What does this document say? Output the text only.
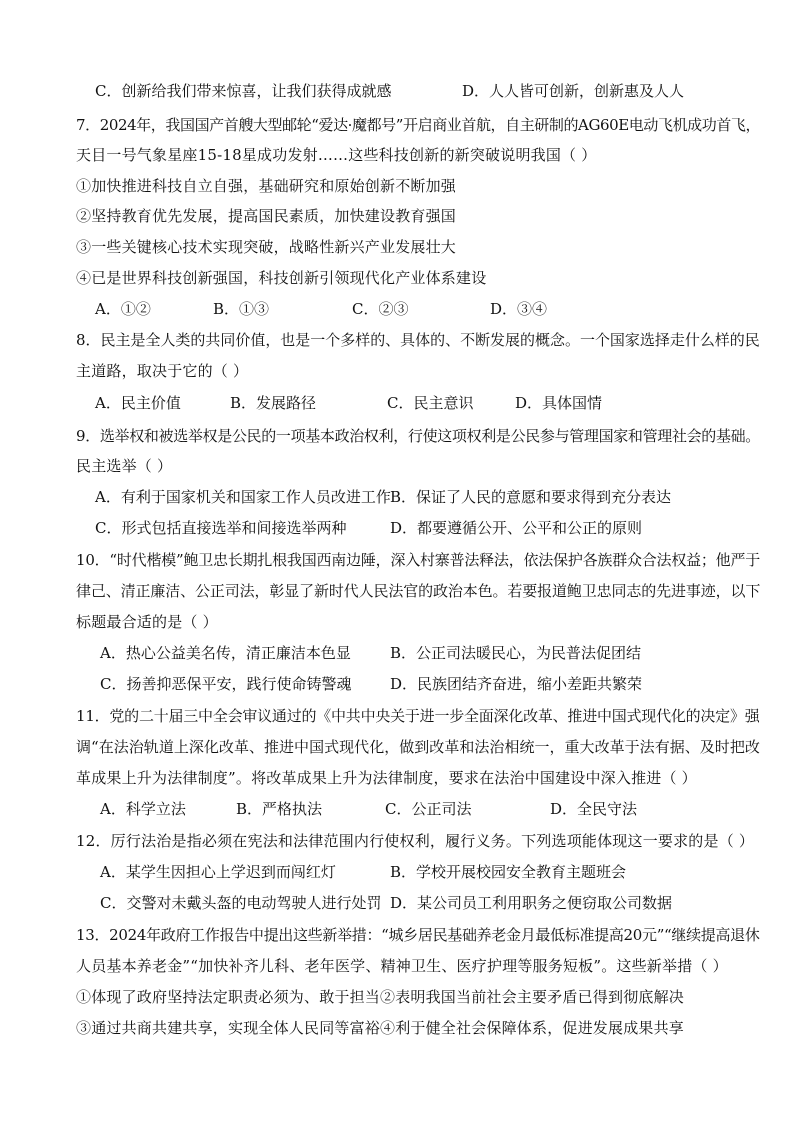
C．创新给我们带来惊喜，让我们获得成就感	D．人人皆可创新，创新惠及人人
7．2024年，我国国产首艘大型邮轮“爱达·魔都号”开启商业首航，自主研制的AG60E电动飞机成功首飞，
天目一号气象星座15-18星成功发射……这些科技创新的新突破说明我国（ ）
①加快推进科技自立自强，基础研究和原始创新不断加强
②坚持教育优先发展，提高国民素质，加快建设教育强国
③一些关键核心技术实现突破，战略性新兴产业发展壮大
④已是世界科技创新强国，科技创新引领现代化产业体系建设
A．①②	B．①③	C．②③	D．③④
8．民主是全人类的共同价值，也是一个多样的、具体的、不断发展的概念。一个国家选择走什么样的民
主道路，取决于它的（ ）
A．民主价值	B．发展路径	C．民主意识	D．具体国情
9．选举权和被选举权是公民的一项基本政治权利，行使这项权利是公民参与管理国家和管理社会的基础。
民主选举（ ）
A．有利于国家机关和国家工作人员改进工作 B．保证了人民的意愿和要求得到充分表达
C．形式包括直接选举和间接选举两种	D．都要遵循公开、公平和公正的原则
10．“时代楷模”鲍卫忠长期扎根我国西南边陲，深入村寨普法释法，依法保护各族群众合法权益；他严于
律己、清正廉洁、公正司法，彰显了新时代人民法官的政治本色。若要报道鲍卫忠同志的先进事迹，以下
标题最合适的是（ ）
A．热心公益美名传，清正廉洁本色显	B．公正司法暖民心，为民普法促团结
C．扬善抑恶保平安，践行使命铸警魂	D．民族团结齐奋进，缩小差距共繁荣
11．党的二十届三中全会审议通过的《中共中央关于进一步全面深化改革、推进中国式现代化的决定》强
调“在法治轨道上深化改革、推进中国式现代化，做到改革和法治相统一，重大改革于法有据、及时把改
革成果上升为法律制度”。将改革成果上升为法律制度，要求在法治中国建设中深入推进（ ）
A．科学立法	B．严格执法	C．公正司法	D．全民守法
12．厉行法治是指必须在宪法和法律范围内行使权利，履行义务。下列选项能体现这一要求的是（ ）
A．某学生因担心上学迟到而闯红灯	B．学校开展校园安全教育主题班会
C．交警对未戴头盔的电动驾驶人进行处罚 D．某公司员工利用职务之便窃取公司数据
13．2024年政府工作报告中提出这些新举措：“城乡居民基础养老金月最低标准提高20元”“继续提高退休
人员基本养老金”“加快补齐儿科、老年医学、精神卫生、医疗护理等服务短板”。这些新举措（ ）
①体现了政府坚持法定职责必须为、敢于担当②表明我国当前社会主要矛盾已得到彻底解决
③通过共商共建共享，实现全体人民同等富裕④利于健全社会保障体系，促进发展成果共享
